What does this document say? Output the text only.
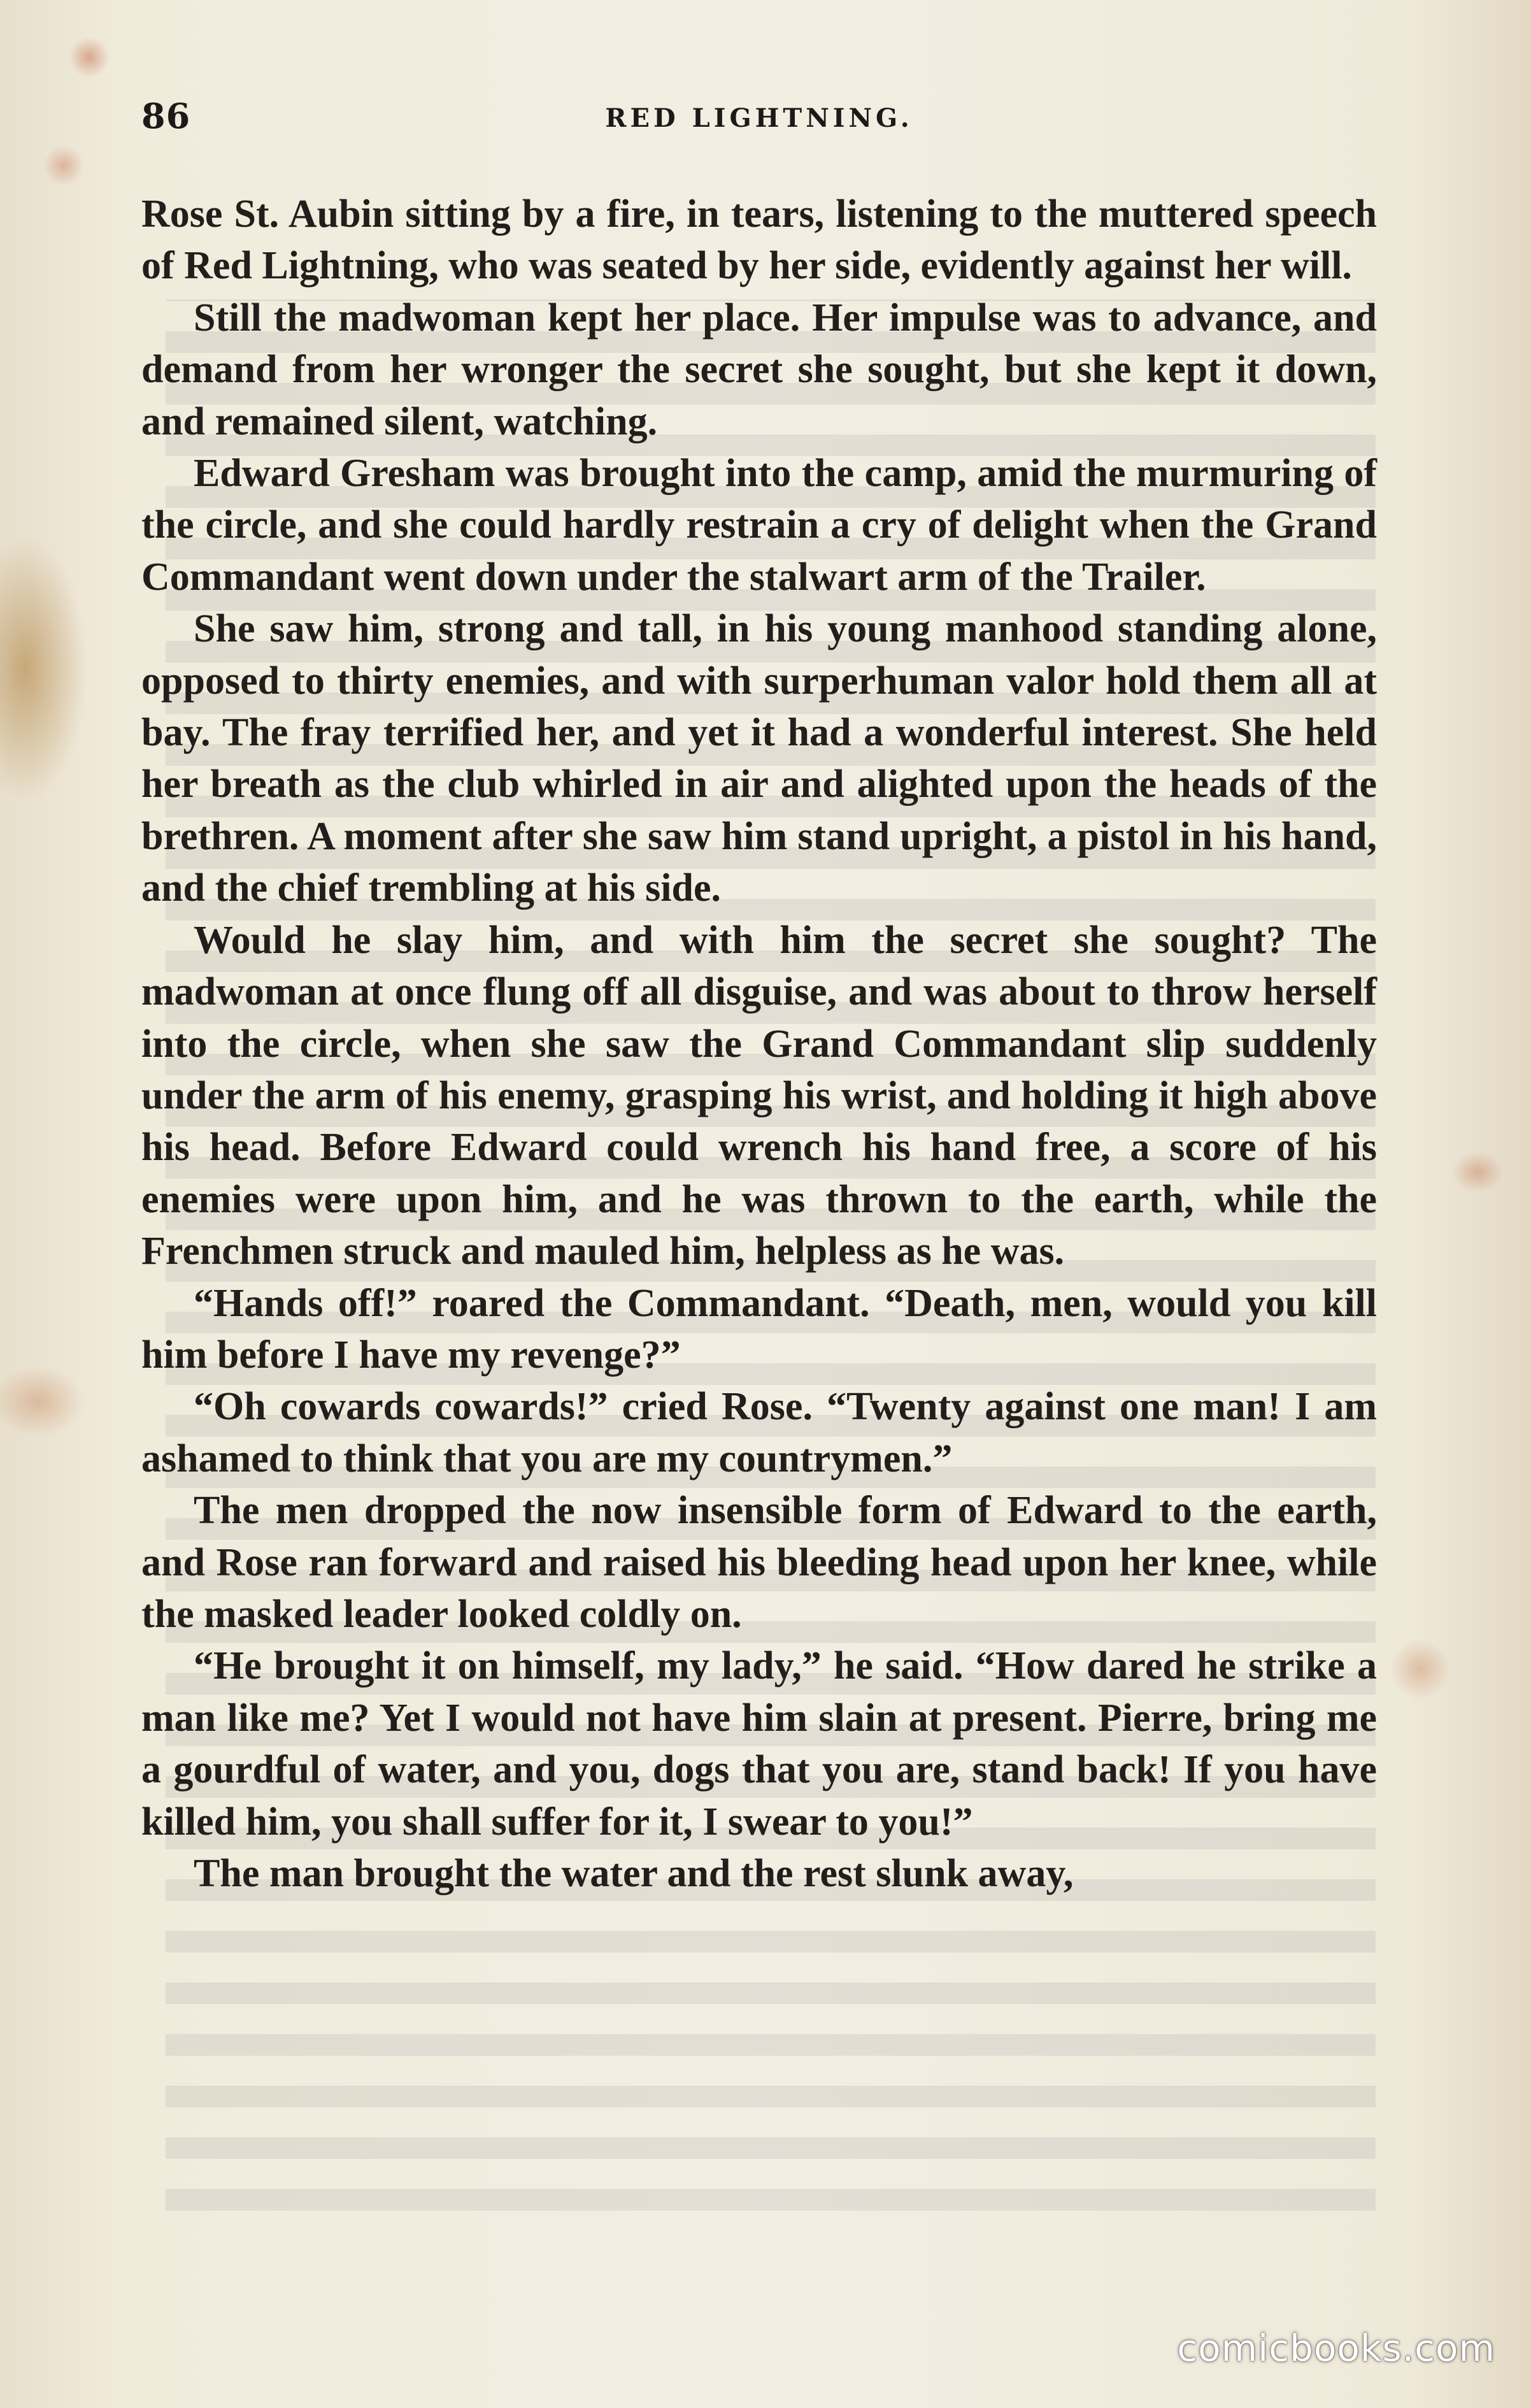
86	RED LIGHTNING.

Rose St. Aubin sitting by a fire, in tears, listening to the muttered speech of Red Lightning, who was seated by her side, evidently against her will.

Still the madwoman kept her place. Her impulse was to advance, and demand from her wronger the secret she sought, but she kept it down, and remained silent, watching.

Edward Gresham was brought into the camp, amid the murmuring of the circle, and she could hardly restrain a cry of delight when the Grand Commandant went down under the stalwart arm of the Trailer.

She saw him, strong and tall, in his young manhood standing alone, opposed to thirty enemies, and with surperhuman valor hold them all at bay. The fray terrified her, and yet it had a wonderful interest. She held her breath as the club whirled in air and alighted upon the heads of the brethren. A moment after she saw him stand upright, a pistol in his hand, and the chief trembling at his side.

Would he slay him, and with him the secret she sought? The madwoman at once flung off all disguise, and was about to throw herself into the circle, when she saw the Grand Commandant slip suddenly under the arm of his enemy, grasping his wrist, and holding it high above his head. Before Edward could wrench his hand free, a score of his enemies were upon him, and he was thrown to the earth, while the Frenchmen struck and mauled him, helpless as he was.

“Hands off!” roared the Commandant. “Death, men, would you kill him before I have my revenge?”

“Oh cowards cowards!” cried Rose. “Twenty against one man! I am ashamed to think that you are my countrymen.”

The men dropped the now insensible form of Edward to the earth, and Rose ran forward and raised his bleeding head upon her knee, while the masked leader looked coldly on.

“He brought it on himself, my lady,” he said. “How dared he strike a man like me? Yet I would not have him slain at present. Pierre, bring me a gourdful of water, and you, dogs that you are, stand back! If you have killed him, you shall suffer for it, I swear to you!”

The man brought the water and the rest slunk away,

comicbooks.com
